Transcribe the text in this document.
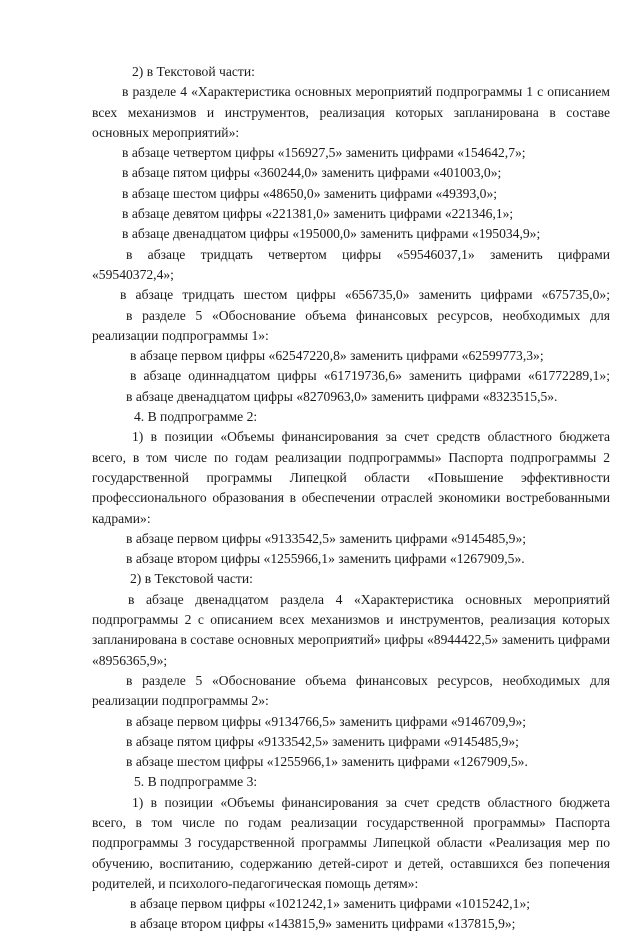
2) в Текстовой части:

в разделе 4 «Характеристика основных мероприятий подпрограммы 1 с описанием всех механизмов и инструментов, реализация которых запланирована в составе основных мероприятий»:

в абзаце четвертом цифры «156927,5» заменить цифрами «154642,7»;

в абзаце пятом цифры «360244,0» заменить цифрами «401003,0»;

в абзаце шестом цифры «48650,0» заменить цифрами «49393,0»;

в абзаце девятом цифры «221381,0» заменить цифрами «221346,1»;

в абзаце двенадцатом цифры «195000,0» заменить цифрами «195034,9»;

в абзаце тридцать четвертом цифры «59546037,1» заменить цифрами «59540372,4»;

в абзаце тридцать шестом цифры «656735,0» заменить цифрами «675735,0»;

в разделе 5 «Обоснование объема финансовых ресурсов, необходимых для реализации подпрограммы 1»:

в абзаце первом цифры «62547220,8» заменить цифрами «62599773,3»;

в абзаце одиннадцатом цифры «61719736,6» заменить цифрами «61772289,1»;

в абзаце двенадцатом цифры «8270963,0» заменить цифрами «8323515,5».

4. В подпрограмме 2:

1) в позиции «Объемы финансирования за счет средств областного бюджета всего, в том числе по годам реализации подпрограммы» Паспорта подпрограммы 2 государственной программы Липецкой области «Повышение эффективности профессионального образования в обеспечении отраслей экономики востребованными кадрами»:

в абзаце первом цифры «9133542,5» заменить цифрами «9145485,9»;

в абзаце втором цифры «1255966,1» заменить цифрами «1267909,5».

2) в Текстовой части:

в абзаце двенадцатом раздела 4 «Характеристика основных мероприятий подпрограммы 2 с описанием всех механизмов и инструментов, реализация которых запланирована в составе основных мероприятий» цифры «8944422,5» заменить цифрами «8956365,9»;

в разделе 5 «Обоснование объема финансовых ресурсов, необходимых для реализации подпрограммы 2»:

в абзаце первом цифры «9134766,5» заменить цифрами «9146709,9»;

в абзаце пятом цифры «9133542,5» заменить цифрами «9145485,9»;

в абзаце шестом цифры «1255966,1» заменить цифрами «1267909,5».

5. В подпрограмме 3:

1) в позиции «Объемы финансирования за счет средств областного бюджета всего, в том числе по годам реализации государственной программы» Паспорта подпрограммы 3 государственной программы Липецкой области «Реализация мер по обучению, воспитанию, содержанию детей-сирот и детей, оставшихся без попечения родителей, и психолого-педагогическая помощь детям»:

в абзаце первом цифры «1021242,1» заменить цифрами «1015242,1»;

в абзаце втором цифры «143815,9» заменить цифрами «137815,9»;
